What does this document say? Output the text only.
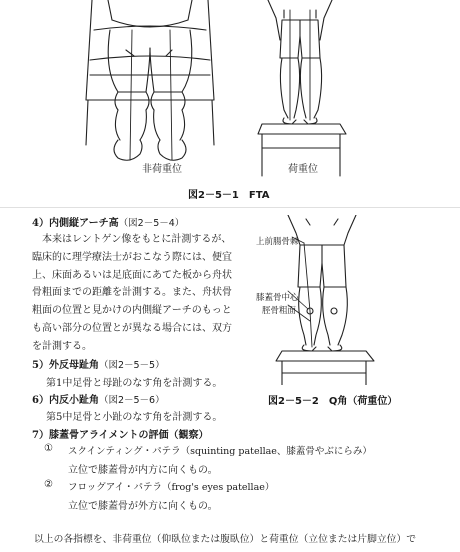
非荷重位	荷重位
図2－5－1　FTA
4）内側縦アーチ高（図2－5－4）
本来はレントゲン像をもとに計測するが、
臨床的に理学療法士がおこなう際には、便宜
上、床面あるいは足底面にあてた板から舟状
骨粗面までの距離を計測する。また、舟状骨
粗面の位置と見かけの内側縦アーチのもっと
も高い部分の位置とが異なる場合には、双方
を計測する。
上前腸骨棘
膝蓋骨中心
脛骨粗面
図2－5－2　Q角（荷重位）
5）外反母趾角（図2－5－5）
第1中足骨と母趾のなす角を計測する。
6）内反小趾角（図2－5－6）
第5中足骨と小趾のなす角を計測する。
7）膝蓋骨アライメントの評価（観察）
① スクインティング・パテラ（squinting patellae、膝蓋骨やぶにらみ）
立位で膝蓋骨が内方に向くもの。
② フロッグアイ・パテラ（frog's eyes patellae）
立位で膝蓋骨が外方に向くもの。
以上の各指標を、非荷重位（仰臥位または腹臥位）と荷重位（立位または片脚立位）で
